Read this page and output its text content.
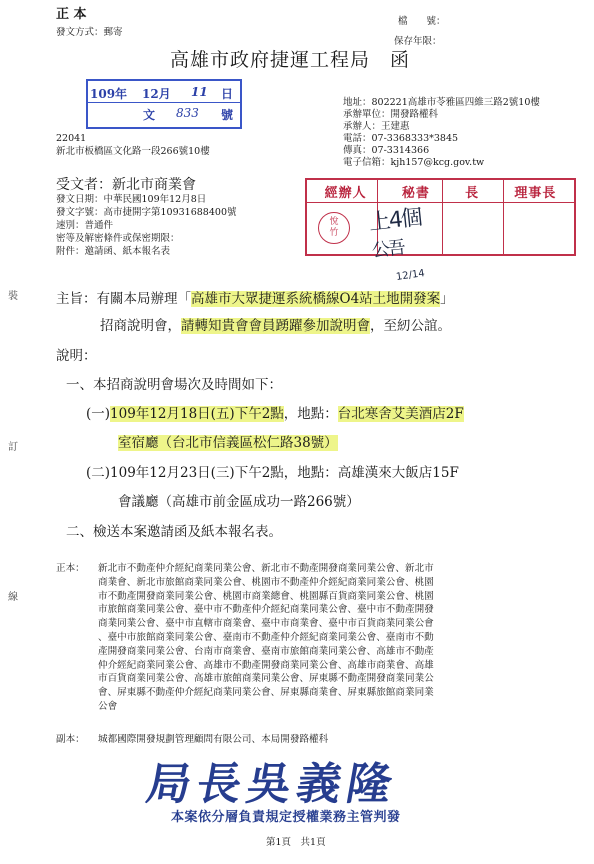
裝
訂
線
正 本
發文方式：郵寄
檔　　號：
保存年限：
高雄市政府捷運工程局　函
109年 12月 11 日
文 833 號
地址：802221高雄市苓雅區四維三路2號10樓
承辦單位：開發路權科
承辦人：王建惠
電話：07-3368333*3845
傳真：07-3314366
電子信箱：kjh157@kcg.gov.tw
22041
新北市板橋區文化路一段266號10樓
受文者：新北市商業會
發文日期：中華民國109年12月8日
發文字號：高市捷開字第10931688400號
速別：普通件
密等及解密條件或保密期限：
附件：邀請函、紙本報名表
經辦人	秘書	長	理事長
悅竹	上4個
公吾
12/14
主旨：有關本局辦理「高雄市大眾捷運系統橋線O4站土地開發案」
招商說明會，請轉知貴會會員踴躍參加說明會，至紉公誼。
說明：
一、本招商說明會場次及時間如下：
(一)109年12月18日(五)下午2點，地點：台北寒舍艾美酒店2F
室宿廳（台北市信義區松仁路38號）
(二)109年12月23日(三)下午2點，地點：高雄漢來大飯店15F
會議廳（高雄市前金區成功一路266號）
二、檢送本案邀請函及紙本報名表。
正本： 新北市不動產仲介經紀商業同業公會、新北市不動產開發商業同業公會、新北市
商業會、新北市旅館商業同業公會、桃園市不動產仲介經紀商業同業公會、桃園
市不動產開發商業同業公會、桃園市商業總會、桃園縣百貨商業同業公會、桃園
市旅館商業同業公會、臺中市不動產仲介經紀商業同業公會、臺中市不動產開發
商業同業公會、臺中市直轄市商業會、臺中市商業會、臺中市百貨商業同業公會
、臺中市旅館商業同業公會、臺南市不動產仲介經紀商業同業公會、臺南市不動
產開發商業同業公會、台南市商業會、臺南市旅館商業同業公會、高雄市不動產
仲介經紀商業同業公會、高雄市不動產開發商業同業公會、高雄市商業會、高雄
市百貨商業同業公會、高雄市旅館商業同業公會、屏東縣不動產開發商業同業公
會、屏東縣不動產仲介經紀商業同業公會、屏東縣商業會、屏東縣旅館商業同業
公會
副本： 城都國際開發規劃管理顧問有限公司、本局開發路權科
局長吳義隆
本案依分層負責規定授權業務主管判發
第1頁　共1頁
